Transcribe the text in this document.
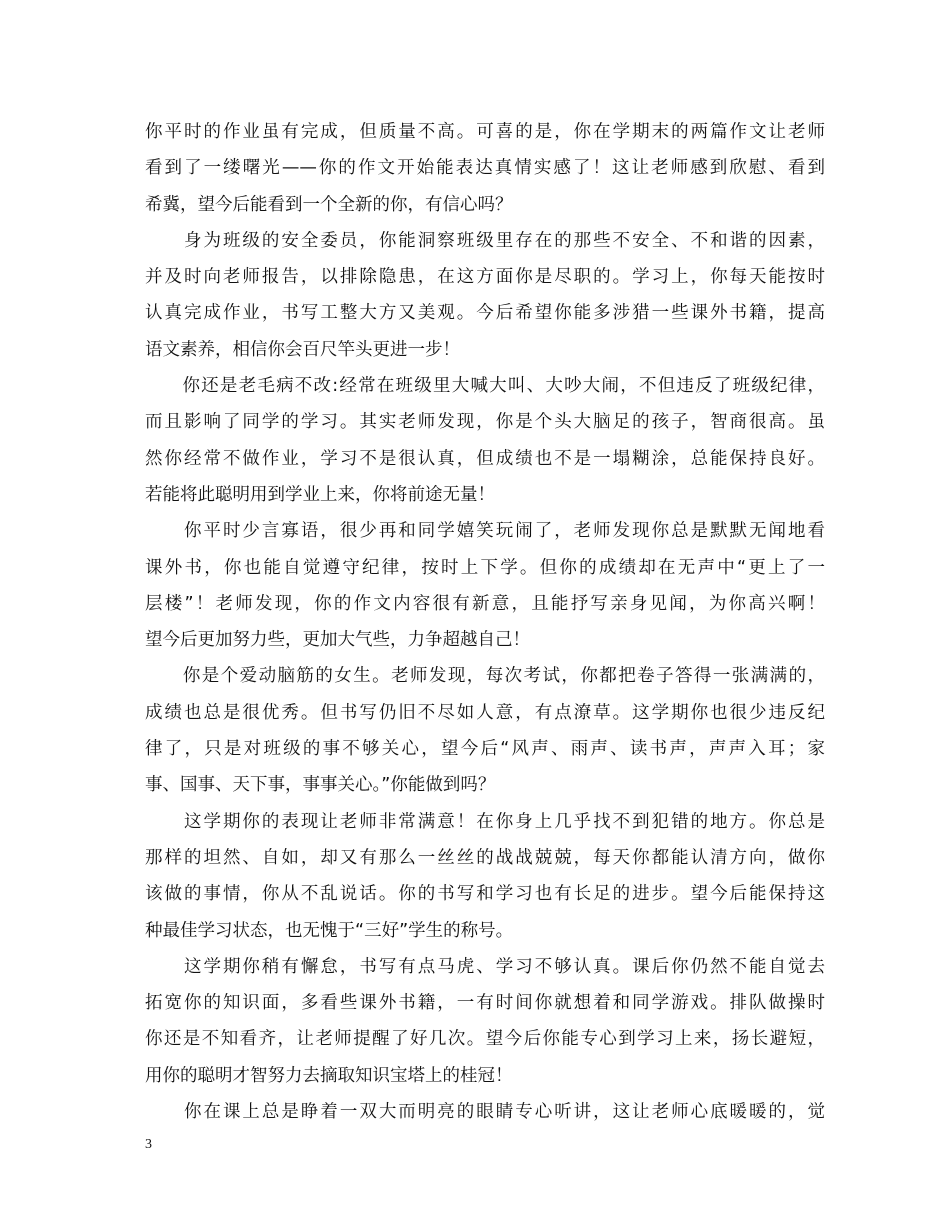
你平时的作业虽有完成，但质量不高。可喜的是，你在学期末的两篇作文让老师
看到了一缕曙光——你的作文开始能表达真情实感了！这让老师感到欣慰、看到
希冀，望今后能看到一个全新的你，有信心吗？
　　身为班级的安全委员，你能洞察班级里存在的那些不安全、不和谐的因素，
并及时向老师报告，以排除隐患，在这方面你是尽职的。学习上，你每天能按时
认真完成作业，书写工整大方又美观。今后希望你能多涉猎一些课外书籍，提高
语文素养，相信你会百尺竿头更进一步！
　　你还是老毛病不改:经常在班级里大喊大叫、大吵大闹，不但违反了班级纪律，
而且影响了同学的学习。其实老师发现，你是个头大脑足的孩子，智商很高。虽
然你经常不做作业，学习不是很认真，但成绩也不是一塌糊涂，总能保持良好。
若能将此聪明用到学业上来，你将前途无量！
　　你平时少言寡语，很少再和同学嬉笑玩闹了，老师发现你总是默默无闻地看
课外书，你也能自觉遵守纪律，按时上下学。但你的成绩却在无声中“更上了一
层楼”！老师发现，你的作文内容很有新意，且能抒写亲身见闻，为你高兴啊！
望今后更加努力些，更加大气些，力争超越自己！
　　你是个爱动脑筋的女生。老师发现，每次考试，你都把卷子答得一张满满的，
成绩也总是很优秀。但书写仍旧不尽如人意，有点潦草。这学期你也很少违反纪
律了，只是对班级的事不够关心，望今后“风声、雨声、读书声，声声入耳；家
事、国事、天下事，事事关心。”你能做到吗？
　　这学期你的表现让老师非常满意！在你身上几乎找不到犯错的地方。你总是
那样的坦然、自如，却又有那么一丝丝的战战兢兢，每天你都能认清方向，做你
该做的事情，你从不乱说话。你的书写和学习也有长足的进步。望今后能保持这
种最佳学习状态，也无愧于“三好”学生的称号。
　　这学期你稍有懈怠，书写有点马虎、学习不够认真。课后你仍然不能自觉去
拓宽你的知识面，多看些课外书籍，一有时间你就想着和同学游戏。排队做操时
你还是不知看齐，让老师提醒了好几次。望今后你能专心到学习上来，扬长避短，
用你的聪明才智努力去摘取知识宝塔上的桂冠！
　　你在课上总是睁着一双大而明亮的眼睛专心听讲，这让老师心底暖暖的，觉
3
